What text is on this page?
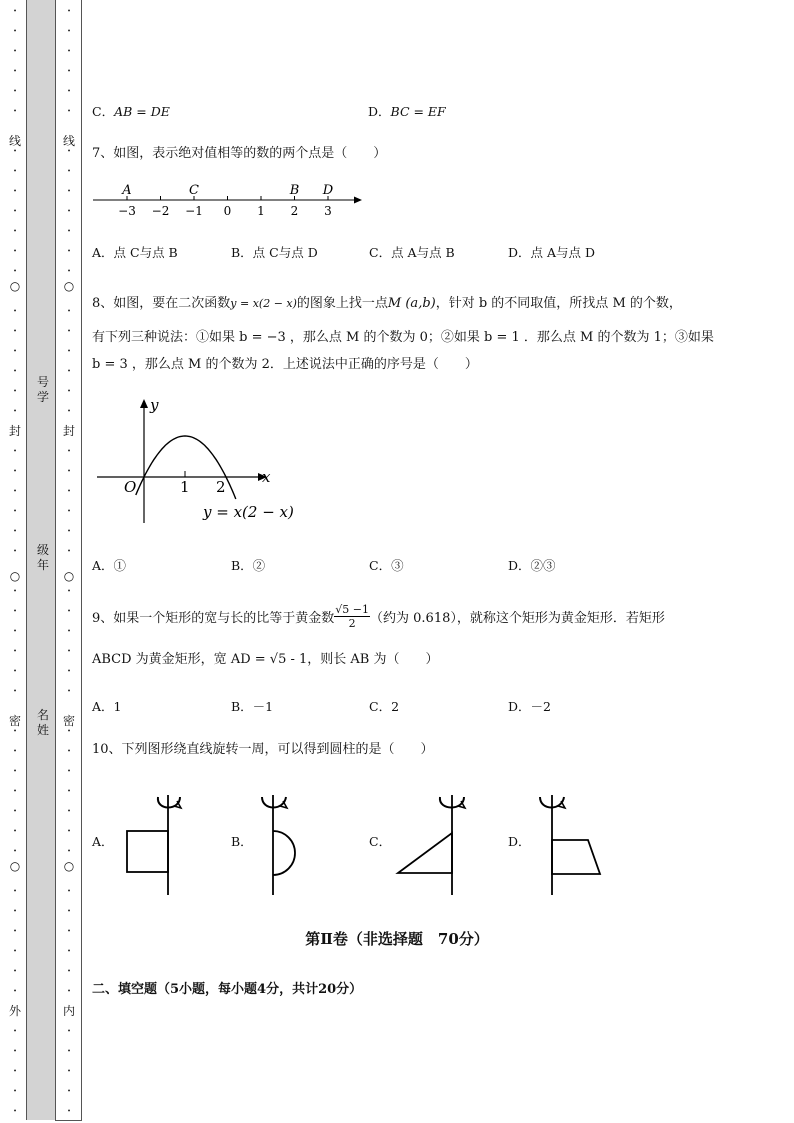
•
•
•
•
•
•
•
•
•
•
•
•
•
•
•
•
•
•
•
•
•
•
•
•
•
•
•
•
•
•
•
•
•
•
•
•
•
•
•
•
•
•
•
•
•
•
•
•
•
线
○
封
○
密
○
外
•
•
•
•
•
•
•
•
•
•
•
•
•
•
•
•
•
•
•
•
•
•
•
•
•
•
•
•
•
•
•
•
•
•
•
•
•
•
•
•
•
•
•
•
•
•
•
•
•
线
○
封
○
密
○
内
号学
级年
名姓
C．AB = DE	D．BC = EF
7、如图，表示绝对值相等的数的两个点是（　　）
−3 −2 −1 0 1 2 3
A	C	B D
A．点 C与点 B	B．点 C与点 D	C．点 A与点 B	D．点 A与点 D
8、如图，要在二次函数y = x(2 − x)的图象上找一点M (a,b)，针对 b 的不同取值，所找点 M 的个数，
有下列三种说法：①如果 b = −3 ，那么点 M 的个数为 0；②如果 b = 1 ．那么点 M 的个数为 1；③如果
b = 3 ，那么点 M 的个数为 2．上述说法中正确的序号是（　　）
y
x
O	1 2
y = x(2 − x)
A．①	B．②	C．③	D．②③
9、如果一个矩形的宽与长的比等于黄金数 $\frac{√5 -1}{2}$ （约为 0.618），就称这个矩形为黄金矩形．若矩形
ABCD 为黄金矩形，宽 AD = √5 - 1，则长 AB 为（　　）
A．1	B．－1	C．2	D．－2
10、下列图形绕直线旋转一周，可以得到圆柱的是（　　）
A．	B．	C．	D．
第Ⅱ卷（非选择题　70分）
二、填空题（5小题，每小题4分，共计20分）
